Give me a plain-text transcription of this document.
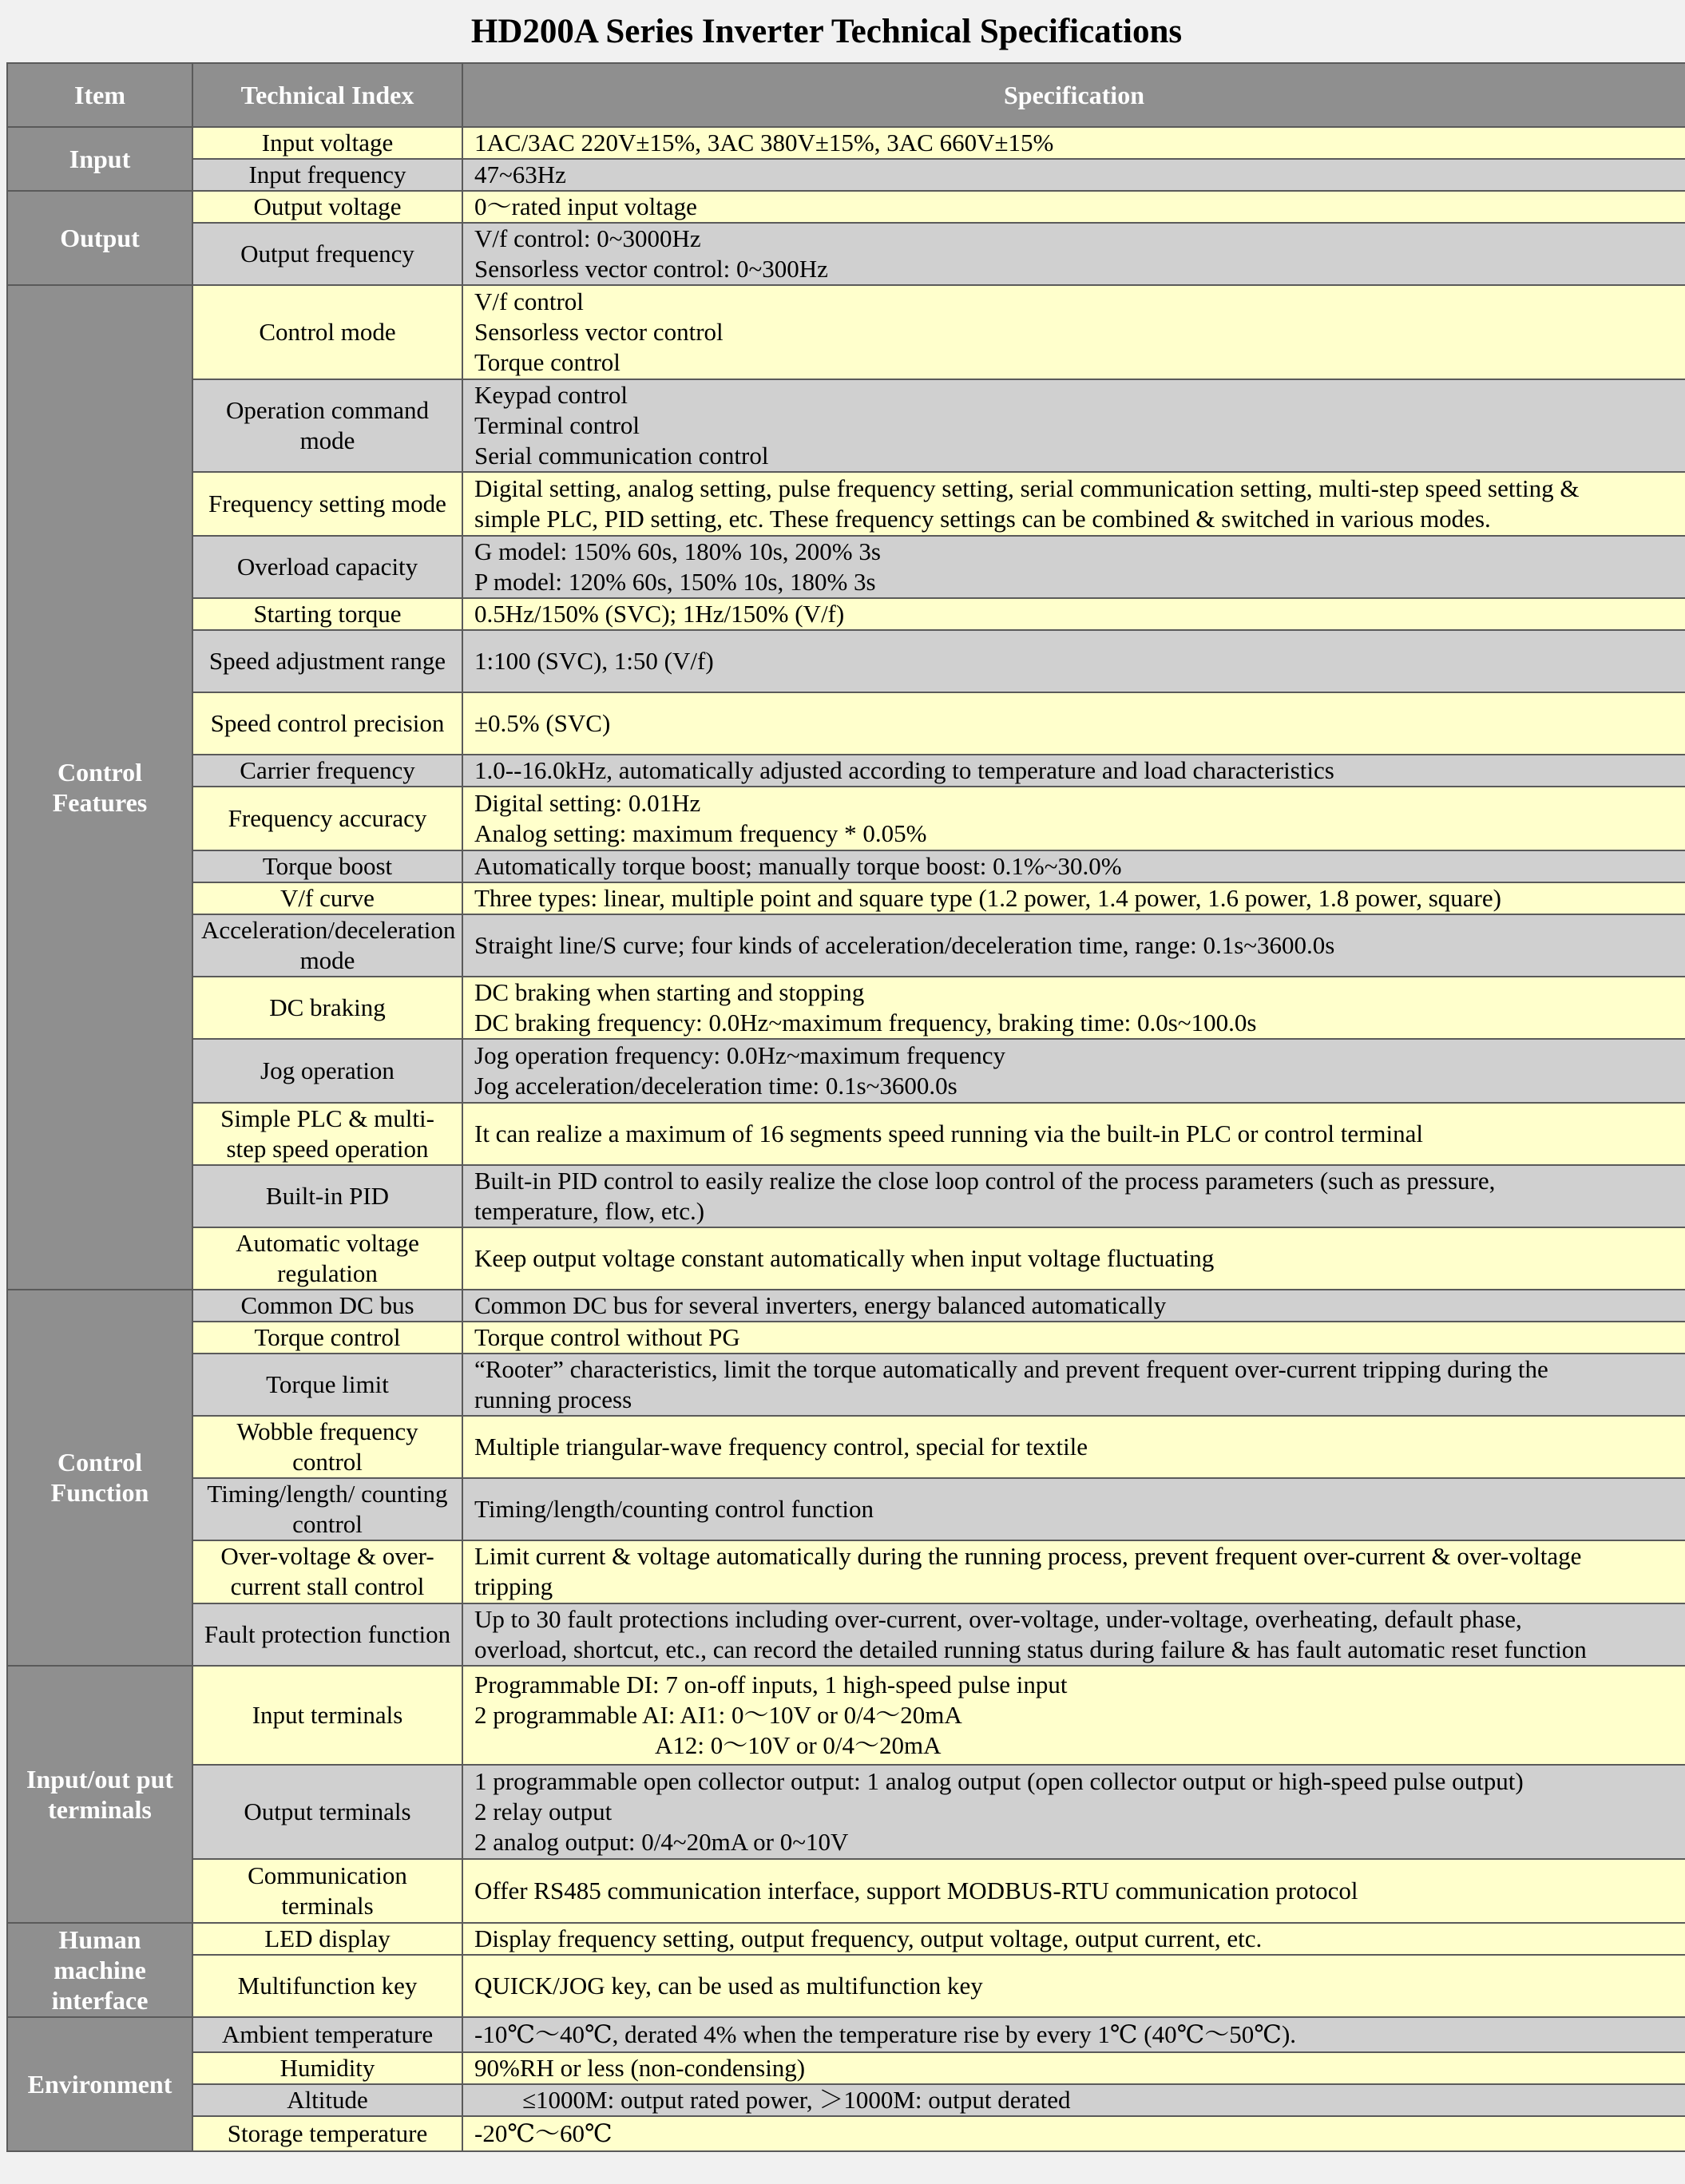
HD200A Series Inverter Technical Specifications
Item	Technical Index	Specification
Input	Input voltage	1AC/3AC 220V±15%, 3AC 380V±15%, 3AC 660V±15%

	Input frequency	47~63Hz

Output	Output voltage	0～rated input voltage

	Output frequency	V/f control: 0~3000Hz
Sensorless vector control: 0~300Hz

Control Features	Control mode	V/f control
Sensorless vector control
Torque control

	Operation command mode	Keypad control
Terminal control
Serial communication control

	Frequency setting mode	Digital setting, analog setting, pulse frequency setting, serial communication setting, multi-step speed setting &
simple PLC, PID setting, etc. These frequency settings can be combined & switched in various modes.

	Overload capacity	G model: 150% 60s, 180% 10s, 200% 3s
P model: 120% 60s, 150% 10s, 180% 3s

	Starting torque	0.5Hz/150% (SVC); 1Hz/150% (V/f)

	Speed adjustment range	1:100 (SVC), 1:50 (V/f)

	Speed control precision	±0.5% (SVC)

	Carrier frequency	1.0--16.0kHz, automatically adjusted according to temperature and load characteristics

	Frequency accuracy	Digital setting: 0.01Hz
Analog setting: maximum frequency * 0.05%

	Torque boost	Automatically torque boost; manually torque boost: 0.1%~30.0%

	V/f curve	Three types: linear, multiple point and square type (1.2 power, 1.4 power, 1.6 power, 1.8 power, square)

	Acceleration/deceleration mode	Straight line/S curve; four kinds of acceleration/deceleration time, range: 0.1s~3600.0s

	DC braking	DC braking when starting and stopping
DC braking frequency: 0.0Hz~maximum frequency, braking time: 0.0s~100.0s

	Jog operation	Jog operation frequency: 0.0Hz~maximum frequency
Jog acceleration/deceleration time: 0.1s~3600.0s

	Simple PLC & multi-step speed operation	It can realize a maximum of 16 segments speed running via the built-in PLC or control terminal

	Built-in PID	Built-in PID control to easily realize the close loop control of the process parameters (such as pressure,
temperature, flow, etc.)

	Automatic voltage regulation	Keep output voltage constant automatically when input voltage fluctuating

Control Function	Common DC bus	Common DC bus for several inverters, energy balanced automatically

	Torque control	Torque control without PG

	Torque limit	“Rooter” characteristics, limit the torque automatically and prevent frequent over-current tripping during the
running process

	Wobble frequency control	Multiple triangular-wave frequency control, special for textile

	Timing/length/ counting control	Timing/length/counting control function

	Over-voltage & over-current stall control	Limit current & voltage automatically during the running process, prevent frequent over-current & over-voltage
tripping

	Fault protection function	Up to 30 fault protections including over-current, over-voltage, under-voltage, overheating, default phase,
overload, shortcut, etc., can record the detailed running status during failure & has fault automatic reset function

Input/out put terminals	Input terminals	Programmable DI: 7 on-off inputs, 1 high-speed pulse input
2 programmable AI: AI1: 0～10V or 0/4～20mA
A12: 0～10V or 0/4～20mA

	Output terminals	1 programmable open collector output: 1 analog output (open collector output or high-speed pulse output)
2 relay output
2 analog output: 0/4~20mA or 0~10V

	Communication terminals	Offer RS485 communication interface, support MODBUS-RTU communication protocol

Human machine interface	LED display	Display frequency setting, output frequency, output voltage, output current, etc.

	Multifunction key	QUICK/JOG key, can be used as multifunction key

Environment	Ambient temperature	-10℃～40℃, derated 4% when the temperature rise by every 1℃ (40℃～50℃).

	Humidity	90%RH or less (non-condensing)

	Altitude	≤1000M: output rated power, ＞1000M: output derated

	Storage temperature	-20℃～60℃
